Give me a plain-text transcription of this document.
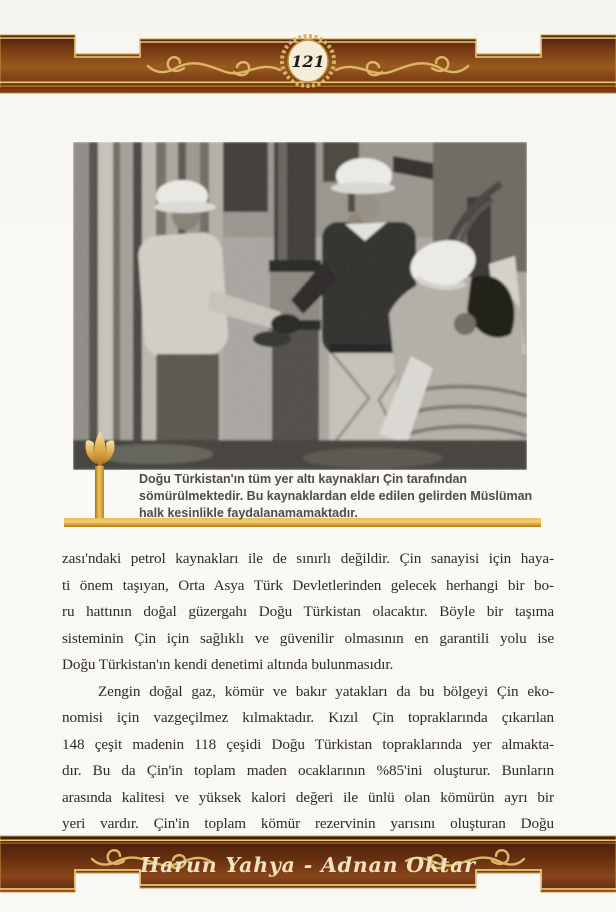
121
Doğu Türkistan'ın tüm yer altı kaynakları Çin tarafından
sömürülmektedir. Bu kaynaklardan elde edilen gelirden Müslüman
halk kesinlikle faydalanamamaktadır.
zası'ndaki petrol kaynakları ile de sınırlı değildir. Çin sanayisi için haya-
ti önem taşıyan, Orta Asya Türk Devletlerinden gelecek herhangi bir bo-
ru hattının doğal güzergahı Doğu Türkistan olacaktır. Böyle bir taşıma
sisteminin Çin için sağlıklı ve güvenilir olmasının en garantili yolu ise
Doğu Türkistan'ın kendi denetimi altında bulunmasıdır.
Zengin doğal gaz, kömür ve bakır yatakları da bu bölgeyi Çin eko-
nomisi için vazgeçilmez kılmaktadır. Kızıl Çin topraklarında çıkarılan
148 çeşit madenin 118 çeşidi Doğu Türkistan topraklarında yer almakta-
dır. Bu da Çin'in toplam maden ocaklarının %85'ini oluşturur. Bunların
arasında kalitesi ve yüksek kalori değeri ile ünlü olan kömürün ayrı bir
yeri vardır. Çin'in toplam kömür rezervinin yarısını oluşturan Doğu
Harun Yahya - Adnan Oktar
